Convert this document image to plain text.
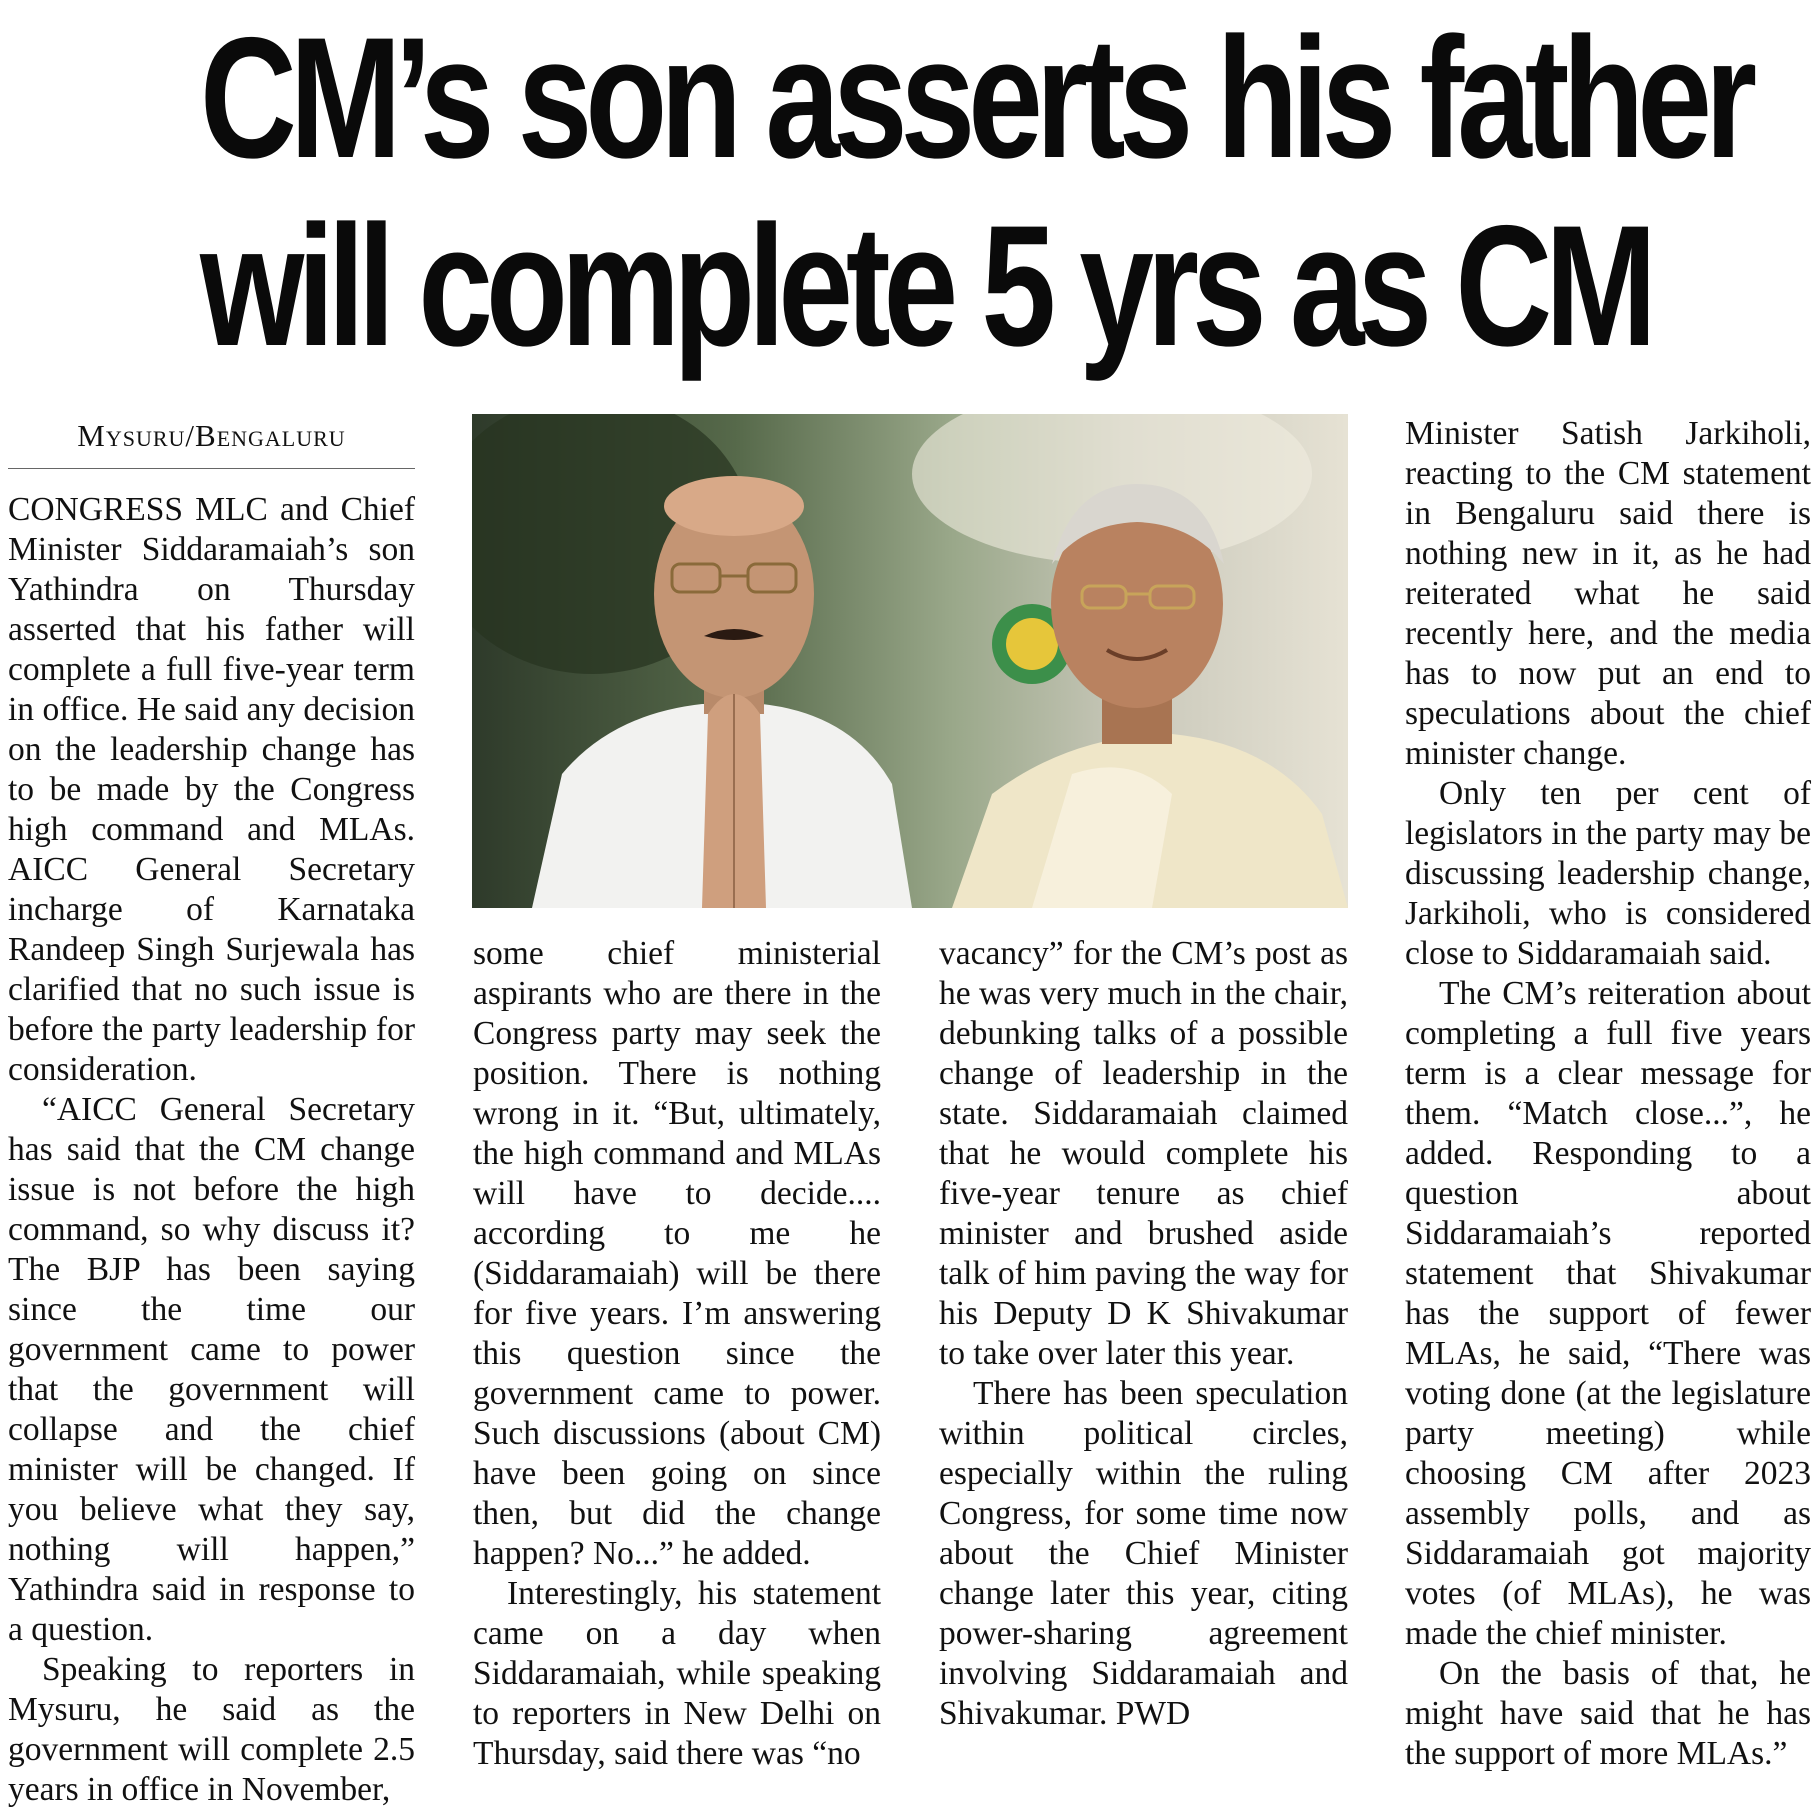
CM’s son asserts his father
will complete 5 yrs as CM
Mysuru/Bengaluru

CONGRESS MLC and Chief Minister Siddaramaiah’s son Yathindra on Thursday asserted that his father will complete a full five-year term in office. He said any decision on the leadership change has to be made by the Congress high command and MLAs. AICC General Secretary incharge of Karnataka Randeep Singh Surjewala has clarified that no such issue is before the party leadership for consideration.

“AICC General Secretary has said that the CM change issue is not before the high command, so why discuss it? The BJP has been saying since the time our government came to power that the government will collapse and the chief minister will be changed. If you believe what they say, nothing will happen,” Yathindra said in response to a question.

Speaking to reporters in Mysuru, he said as the government will complete 2.5 years in office in November,

some chief ministerial aspirants who are there in the Congress party may seek the position. There is nothing wrong in it. “But, ultimately, the high command and MLAs will have to decide.... according to me he (Siddaramaiah) will be there for five years. I’m answering this question since the government came to power. Such discussions (about CM) have been going on since then, but did the change happen? No...” he added.

Interestingly, his statement came on a day when Siddaramaiah, while speaking to reporters in New Delhi on Thursday, said there was “no

vacancy” for the CM’s post as he was very much in the chair, debunking talks of a possible change of leadership in the state. Siddaramaiah claimed that he would complete his five-year tenure as chief minister and brushed aside talk of him paving the way for his Deputy D K Shivakumar to take over later this year.

There has been speculation within political circles, especially within the ruling Congress, for some time now about the Chief Minister change later this year, citing power-sharing agreement involving Siddaramaiah and Shivakumar. PWD

Minister Satish Jarkiholi, reacting to the CM statement in Bengaluru said there is nothing new in it, as he had reiterated what he said recently here, and the media has to now put an end to speculations about the chief minister change.

Only ten per cent of legislators in the party may be discussing leadership change, Jarkiholi, who is considered close to Siddaramaiah said.

The CM’s reiteration about completing a full five years term is a clear message for them. “Match close...”, he added. Responding to a question about Siddaramaiah’s reported statement that Shivakumar has the support of fewer MLAs, he said, “There was voting done (at the legislature party meeting) while choosing CM after 2023 assembly polls, and as Siddaramaiah got majority votes (of MLAs), he was made the chief minister.

On the basis of that, he might have said that he has the support of more MLAs.”
